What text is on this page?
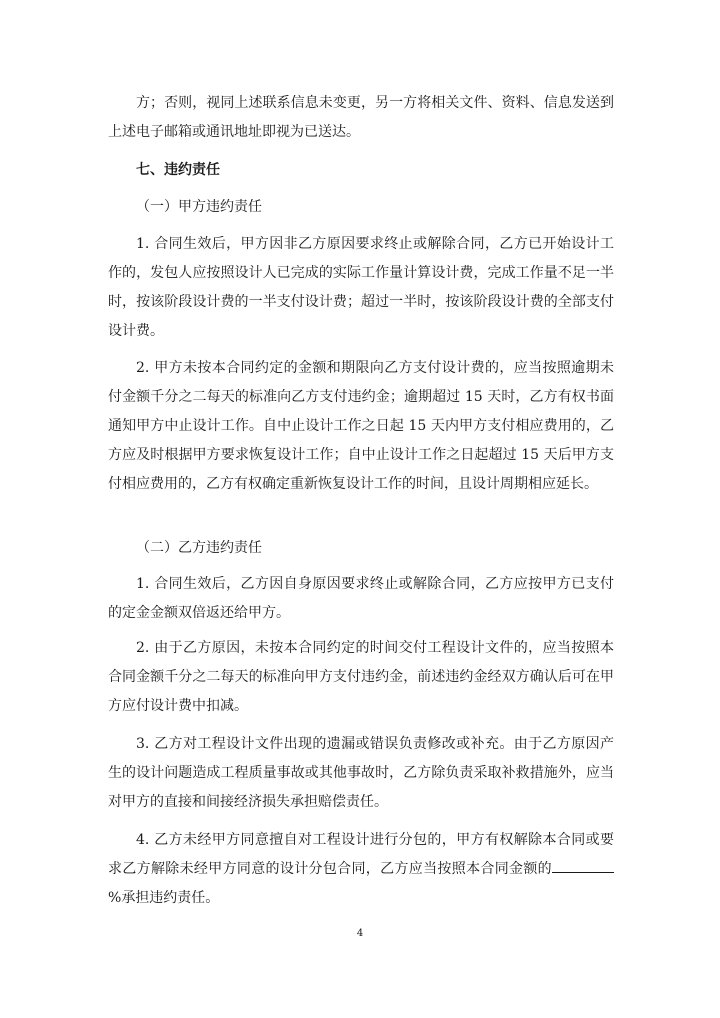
方；否则，视同上述联系信息未变更，另一方将相关文件、资料、信息发送到上述电子邮箱或通讯地址即视为已送达。

七、违约责任

（一）甲方违约责任

1. 合同生效后，甲方因非乙方原因要求终止或解除合同，乙方已开始设计工作的，发包人应按照设计人已完成的实际工作量计算设计费，完成工作量不足一半时，按该阶段设计费的一半支付设计费；超过一半时，按该阶段设计费的全部支付设计费。

2. 甲方未按本合同约定的金额和期限向乙方支付设计费的，应当按照逾期未付金额千分之二每天的标准向乙方支付违约金；逾期超过 15 天时，乙方有权书面通知甲方中止设计工作。自中止设计工作之日起 15 天内甲方支付相应费用的，乙方应及时根据甲方要求恢复设计工作；自中止设计工作之日起超过 15 天后甲方支付相应费用的，乙方有权确定重新恢复设计工作的时间，且设计周期相应延长。

（二）乙方违约责任

1. 合同生效后，乙方因自身原因要求终止或解除合同，乙方应按甲方已支付的定金金额双倍返还给甲方。

2. 由于乙方原因，未按本合同约定的时间交付工程设计文件的，应当按照本合同金额千分之二每天的标准向甲方支付违约金，前述违约金经双方确认后可在甲方应付设计费中扣减。

3. 乙方对工程设计文件出现的遗漏或错误负责修改或补充。由于乙方原因产生的设计问题造成工程质量事故或其他事故时，乙方除负责采取补救措施外，应当对甲方的直接和间接经济损失承担赔偿责任。

4. 乙方未经甲方同意擅自对工程设计进行分包的，甲方有权解除本合同或要求乙方解除未经甲方同意的设计分包合同，乙方应当按照本合同金额的%承担违约责任。

4
